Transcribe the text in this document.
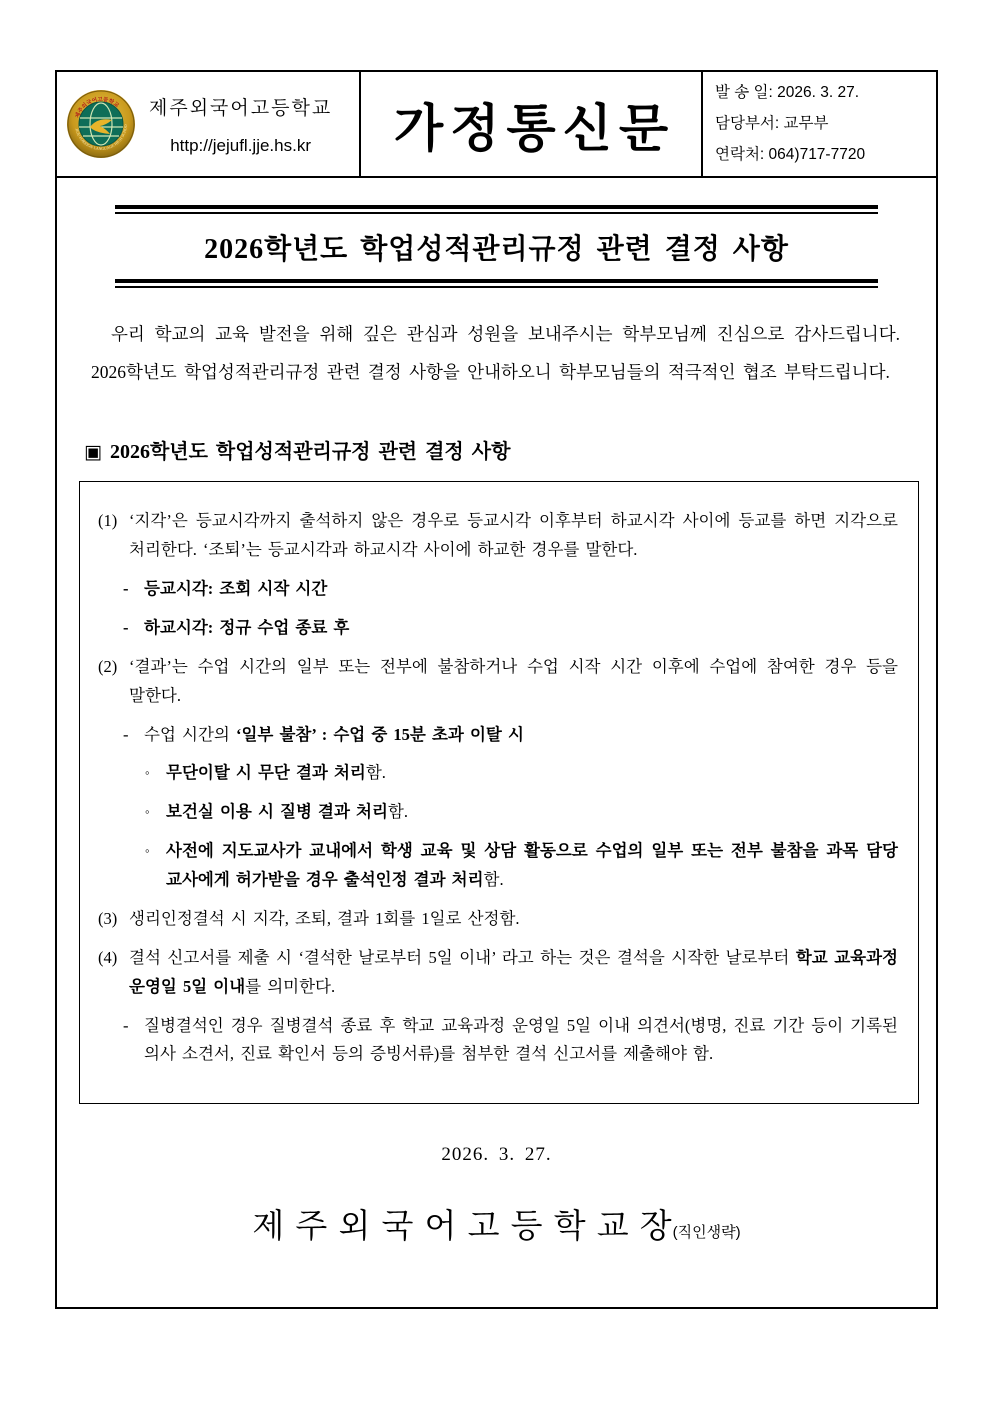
제주외국어고등학교
JEJU FOREIGN LANGUAGE HIGH SCHOO
제주외국어고등학교
http://jejufl.jje.hs.kr 가정통신문
발 송 일: 2026. 3. 27.
담당부서: 교무부
연락처: 064)717-7720
2026학년도 학업성적관리규정 관련 결정 사항

우리 학교의 교육 발전을 위해 깊은 관심과 성원을 보내주시는 학부모님께 진심으로 감사드립니다. 2026학년도 학업성적관리규정 관련 결정 사항을 안내하오니 학부모님들의 적극적인 협조 부탁드립니다.

▣ 2026학년도 학업성적관리규정 관련 결정 사항
(1) ‘지각’은 등교시각까지 출석하지 않은 경우로 등교시각 이후부터 하교시각 사이에 등교를 하면 지각으로 처리한다. ‘조퇴’는 등교시각과 하교시각 사이에 하교한 경우를 말한다.
- 등교시각: 조회 시작 시간
- 하교시각: 정규 수업 종료 후
(2) ‘결과’는 수업 시간의 일부 또는 전부에 불참하거나 수업 시작 시간 이후에 수업에 참여한 경우 등을 말한다.
- 수업 시간의 ‘일부 불참’ : 수업 중 15분 초과 이탈 시
◦ 무단이탈 시 무단 결과 처리함.
◦ 보건실 이용 시 질병 결과 처리함.
◦ 사전에 지도교사가 교내에서 학생 교육 및 상담 활동으로 수업의 일부 또는 전부 불참을 과목 담당 교사에게 허가받을 경우 출석인정 결과 처리함.
(3) 생리인정결석 시 지각, 조퇴, 결과 1회를 1일로 산정함.
(4) 결석 신고서를 제출 시 ‘결석한 날로부터 5일 이내’ 라고 하는 것은 결석을 시작한 날로부터 학교 교육과정 운영일 5일 이내를 의미한다.
- 질병결석인 경우 질병결석 종료 후 학교 교육과정 운영일 5일 이내 의견서(병명, 진료 기간 등이 기록된 의사 소견서, 진료 확인서 등의 증빙서류)를 첨부한 결석 신고서를 제출해야 함.
2026. 3. 27.
제 주 외 국 어 고 등 학 교 장(직인생략)
